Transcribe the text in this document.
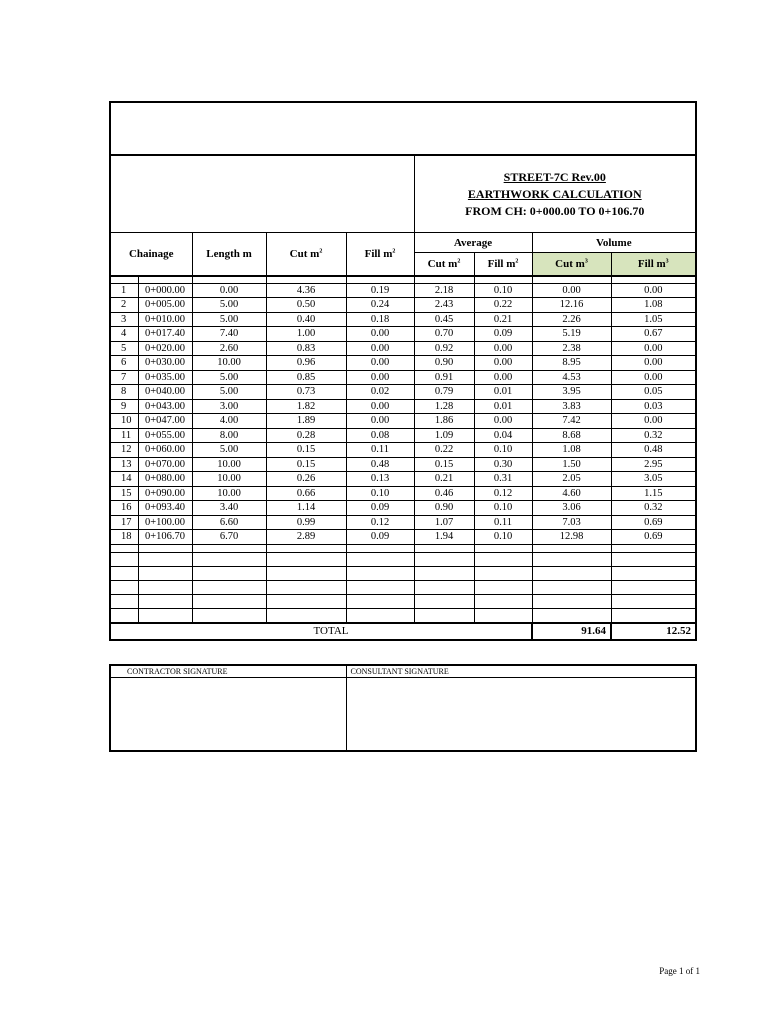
					STREET-7C Rev.00
EARTHWORK CALCULATION
FROM CH: 0+000.00 TO 0+106.70			

Chainage		Length m	Cut $m^2$	Fill $m^2$	Average		Volume	
					Cut $m^2$	Fill $m^2$	Cut $m^3$	Fill $m^3$

1	0+000.00	0.00	4.36	0.19	2.18	0.10	0.00	0.00
2	0+005.00	5.00	0.50	0.24	2.43	0.22	12.16	1.08
3	0+010.00	5.00	0.40	0.18	0.45	0.21	2.26	1.05
4	0+017.40	7.40	1.00	0.00	0.70	0.09	5.19	0.67
5	0+020.00	2.60	0.83	0.00	0.92	0.00	2.38	0.00
6	0+030.00	10.00	0.96	0.00	0.90	0.00	8.95	0.00
7	0+035.00	5.00	0.85	0.00	0.91	0.00	4.53	0.00
8	0+040.00	5.00	0.73	0.02	0.79	0.01	3.95	0.05
9	0+043.00	3.00	1.82	0.00	1.28	0.01	3.83	0.03
10	0+047.00	4.00	1.89	0.00	1.86	0.00	7.42	0.00
11	0+055.00	8.00	0.28	0.08	1.09	0.04	8.68	0.32
12	0+060.00	5.00	0.15	0.11	0.22	0.10	1.08	0.48
13	0+070.00	10.00	0.15	0.48	0.15	0.30	1.50	2.95
14	0+080.00	10.00	0.26	0.13	0.21	0.31	2.05	3.05
15	0+090.00	10.00	0.66	0.10	0.46	0.12	4.60	1.15
16	0+093.40	3.40	1.14	0.09	0.90	0.10	3.06	0.32
17	0+100.00	6.60	0.99	0.12	1.07	0.11	7.03	0.69
18	0+106.70	6.70	2.89	0.09	1.94	0.10	12.98	0.69

TOTAL							91.64	12.52
CONTRACTOR SIGNATURE	CONSULTANT SIGNATURE

Page 1 of 1
